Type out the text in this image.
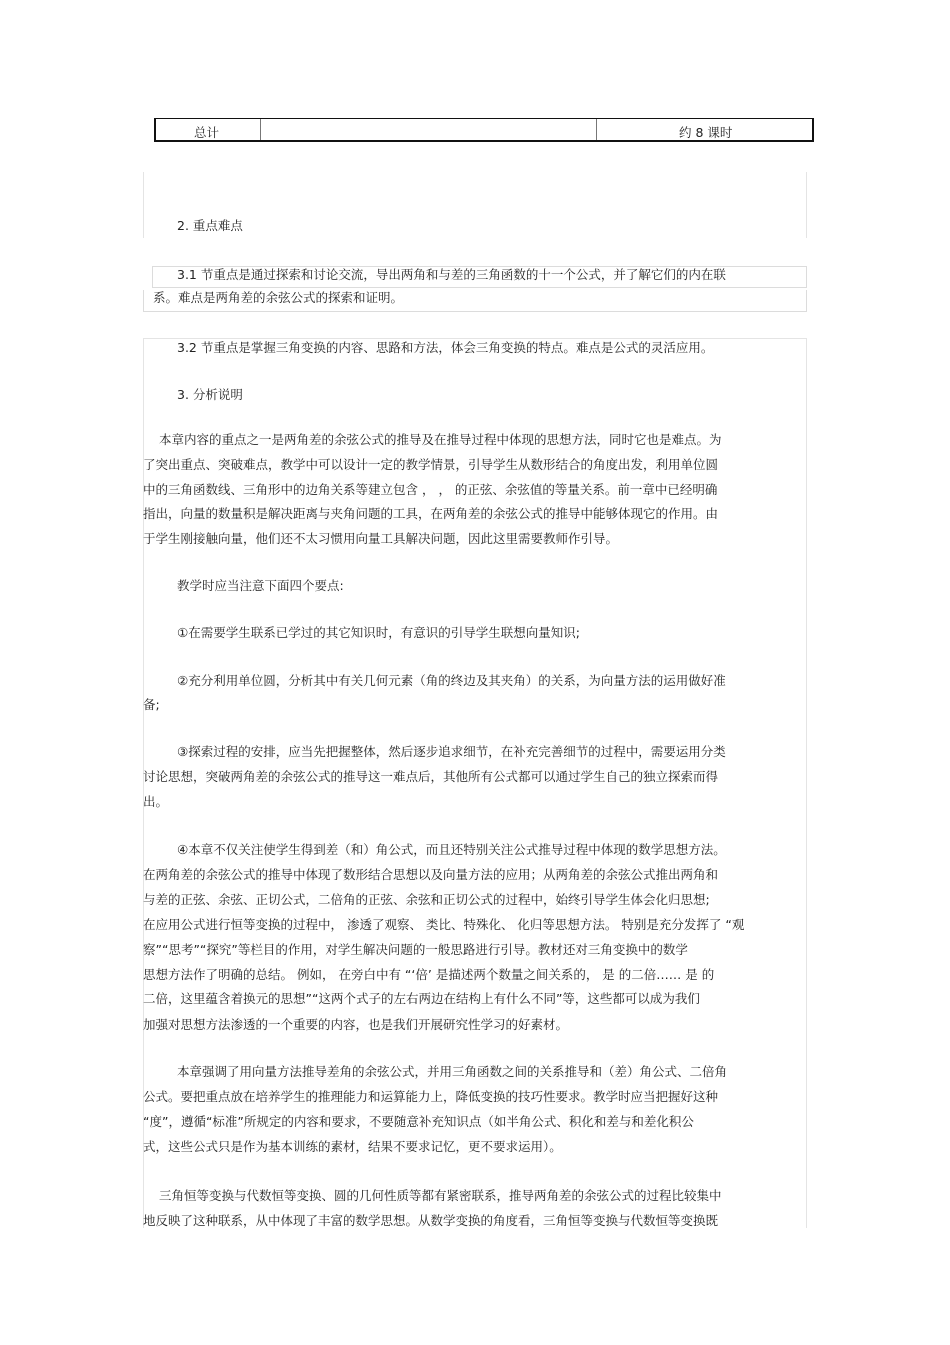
总计	约 8 课时
2. 重点难点
3.1 节重点是通过探索和讨论交流，导出两角和与差的三角函数的十一个公式，并了解它们的内在联
系。难点是两角差的余弦公式的探索和证明。
3.2 节重点是掌握三角变换的内容、思路和方法，体会三角变换的特点。难点是公式的灵活应用。
3. 分析说明
本章内容的重点之一是两角差的余弦公式的推导及在推导过程中体现的思想方法，同时它也是难点。为
了突出重点、突破难点，教学中可以设计一定的教学情景，引导学生从数形结合的角度出发，利用单位圆
中的三角函数线、三角形中的边角关系等建立包含 ， ， 的正弦、余弦值的等量关系。前一章中已经明确
指出，向量的数量积是解决距离与夹角问题的工具，在两角差的余弦公式的推导中能够体现它的作用。由
于学生刚接触向量，他们还不太习惯用向量工具解决问题，因此这里需要教师作引导。
教学时应当注意下面四个要点:
①在需要学生联系已学过的其它知识时，有意识的引导学生联想向量知识;
②充分利用单位圆，分析其中有关几何元素（角的终边及其夹角）的关系，为向量方法的运用做好准
备;
③探索过程的安排，应当先把握整体，然后逐步追求细节，在补充完善细节的过程中，需要运用分类
讨论思想，突破两角差的余弦公式的推导这一难点后，其他所有公式都可以通过学生自己的独立探索而得
出。
④本章不仅关注使学生得到差（和）角公式，而且还特别关注公式推导过程中体现的数学思想方法。
在两角差的余弦公式的推导中体现了数形结合思想以及向量方法的应用；从两角差的余弦公式推出两角和
与差的正弦、余弦、正切公式，二倍角的正弦、余弦和正切公式的过程中，始终引导学生体会化归思想;
在应用公式进行恒等变换的过程中， 渗透了观察、 类比、特殊化、 化归等思想方法。 特别是充分发挥了 “观
察”“思考”“探究”等栏目的作用，对学生解决问题的一般思路进行引导。教材还对三角变换中的数学
思想方法作了明确的总结。 例如， 在旁白中有 “‘倍’ 是描述两个数量之间关系的， 是 的二倍…… 是 的
二倍，这里蕴含着换元的思想”“这两个式子的左右两边在结构上有什么不同”等，这些都可以成为我们
加强对思想方法渗透的一个重要的内容，也是我们开展研究性学习的好素材。
本章强调了用向量方法推导差角的余弦公式，并用三角函数之间的关系推导和（差）角公式、二倍角
公式。要把重点放在培养学生的推理能力和运算能力上，降低变换的技巧性要求。教学时应当把握好这种
“度”，遵循“标准”所规定的内容和要求，不要随意补充知识点（如半角公式、积化和差与和差化积公
式，这些公式只是作为基本训练的素材，结果不要求记忆，更不要求运用）。
三角恒等变换与代数恒等变换、圆的几何性质等都有紧密联系，推导两角差的余弦公式的过程比较集中
地反映了这种联系，从中体现了丰富的数学思想。从数学变换的角度看，三角恒等变换与代数恒等变换既
